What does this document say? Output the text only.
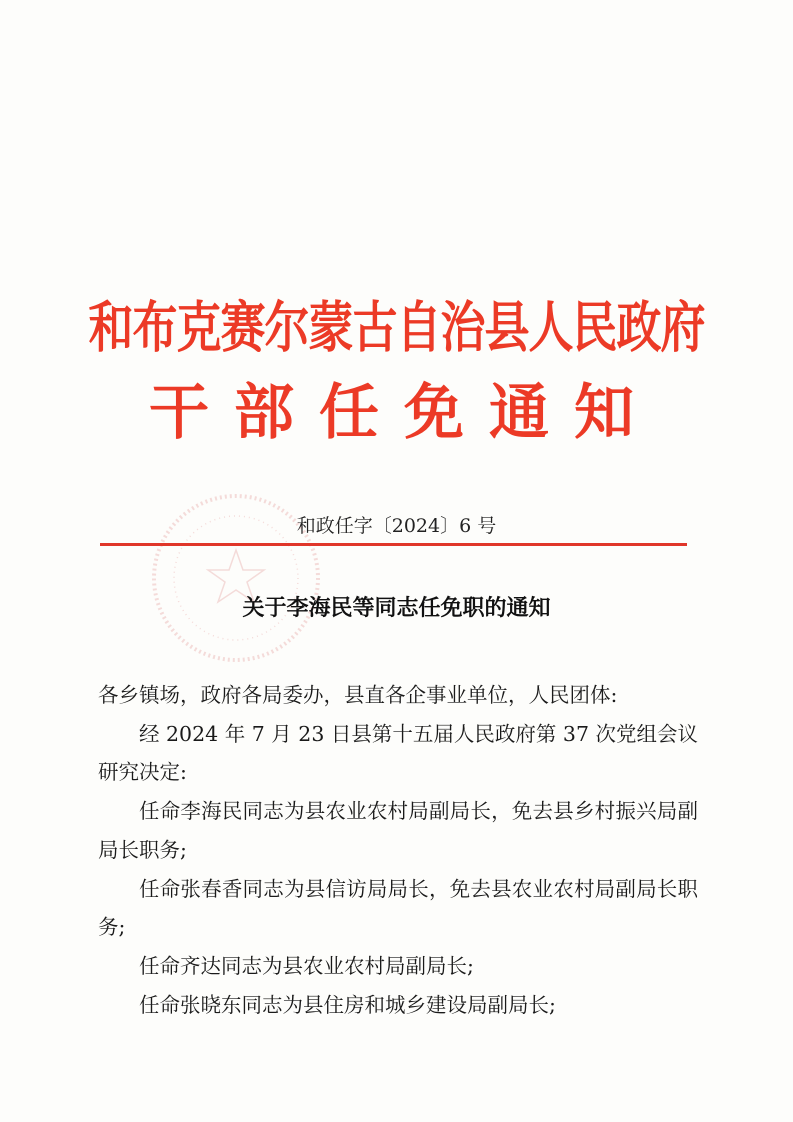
和布克赛尔蒙古自治县人民政府
干部任免通知
和政任字〔2024〕6 号
关于李海民等同志任免职的通知

各乡镇场，政府各局委办，县直各企事业单位，人民团体:

经 2024 年 7 月 23 日县第十五届人民政府第 37 次党组会议研究决定:

任命李海民同志为县农业农村局副局长，免去县乡村振兴局副局长职务;

任命张春香同志为县信访局局长，免去县农业农村局副局长职务;

任命齐达同志为县农业农村局副局长;

任命张晓东同志为县住房和城乡建设局副局长;
